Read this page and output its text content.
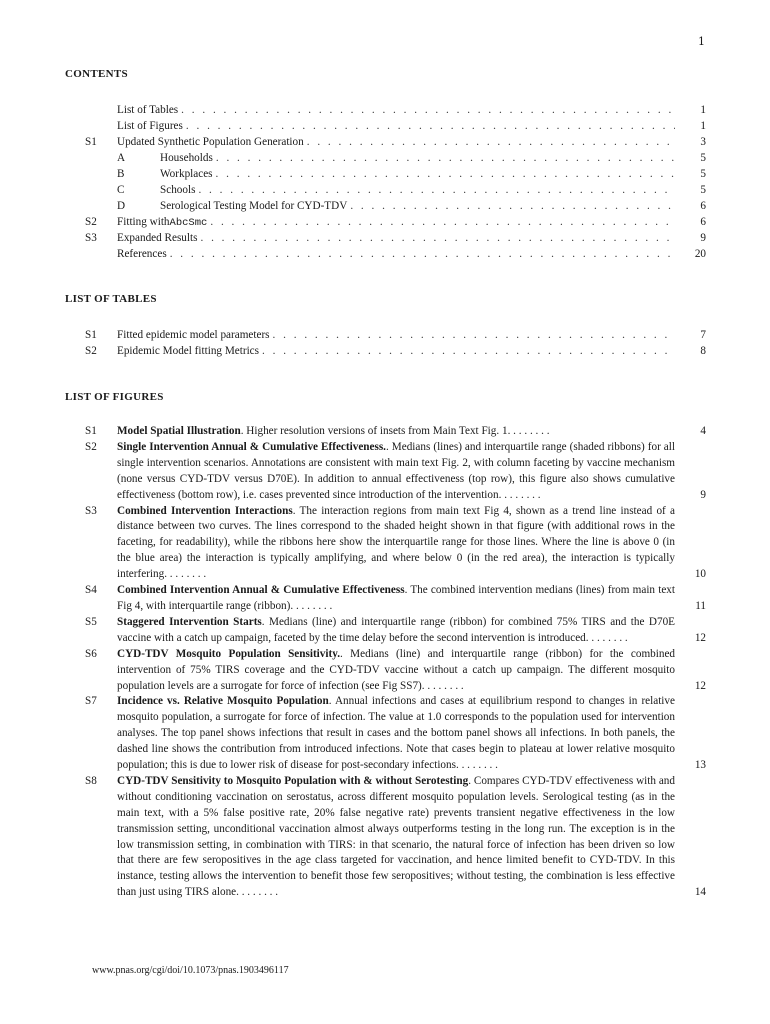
1
CONTENTS
List of Tables . . .	1
List of Figures . . .	1
S1 Updated Synthetic Population Generation . . .	3
A	Households . . .	5
B	Workplaces . . .	5
C	Schools . . .	5
D	Serological Testing Model for CYD-TDV . . .	6
S2 Fitting with AbcSmc . . .	6
S3 Expanded Results . . .	9
References . . .	20
LIST OF TABLES
S1 Fitted epidemic model parameters . . .	7
S2 Epidemic Model fitting Metrics . . .	8
LIST OF FIGURES
S1 Model Spatial Illustration. Higher resolution versions of insets from Main Text Fig. 1. . . . . . . .	4
S2 Single Intervention Annual & Cumulative Effectiveness.. Medians (lines) and interquartile range (shaded ribbons) for all single intervention scenarios. Annotations are consistent with main text Fig. 2, with column faceting by vaccine mechanism (none versus CYD-TDV versus D70E). In addition to annual effectiveness (top row), this figure also shows cumulative effectiveness (bottom row), i.e. cases prevented since introduction of the intervention. . . . . . . .	9
S3 Combined Intervention Interactions. The interaction regions from main text Fig 4, shown as a trend line instead of a distance between two curves. The lines correspond to the shaded height shown in that figure (with additional rows in the faceting, for readability), while the ribbons here show the interquartile range for those lines. Where the line is above 0 (in the blue area) the interaction is typically amplifying, and where below 0 (in the red area), the interaction is typically interfering. . . . . . . .	10
S4 Combined Intervention Annual & Cumulative Effectiveness. The combined intervention medians (lines) from main text Fig 4, with interquartile range (ribbon). . . . . . . .	11
S5 Staggered Intervention Starts. Medians (line) and interquartile range (ribbon) for combined 75% TIRS and the D70E vaccine with a catch up campaign, faceted by the time delay before the second intervention is introduced. . . . . . . .	12
S6 CYD-TDV Mosquito Population Sensitivity.. Medians (line) and interquartile range (ribbon) for the combined intervention of 75% TIRS coverage and the CYD-TDV vaccine without a catch up campaign. The different mosquito population levels are a surrogate for force of infection (see Fig SS7). . . . . . . .	12
S7 Incidence vs. Relative Mosquito Population. Annual infections and cases at equilibrium respond to changes in relative mosquito population, a surrogate for force of infection. The value at 1.0 corresponds to the population used for intervention analyses. The top panel shows infections that result in cases and the bottom panel shows all infections. In both panels, the dashed line shows the contribution from introduced infections. Note that cases begin to plateau at lower relative mosquito population; this is due to lower risk of disease for post-secondary infections. . . . . . . .	13
S8 CYD-TDV Sensitivity to Mosquito Population with & without Serotesting. Compares CYD-TDV effectiveness with and without conditioning vaccination on serostatus, across different mosquito population levels. Serological testing (as in the main text, with a 5% false positive rate, 20% false negative rate) prevents transient negative effectiveness in the low transmission setting, unconditional vaccination almost always outperforms testing in the long run. The exception is in the low transmission setting, in combination with TIRS: in that scenario, the natural force of infection has been driven so low that there are few seropositives in the age class targeted for vaccination, and hence limited benefit to CYD-TDV. In this instance, testing allows the intervention to benefit those few seropositives; without testing, the combination is less effective than just using TIRS alone. . . . . . . .	14
www.pnas.org/cgi/doi/10.1073/pnas.1903496117
